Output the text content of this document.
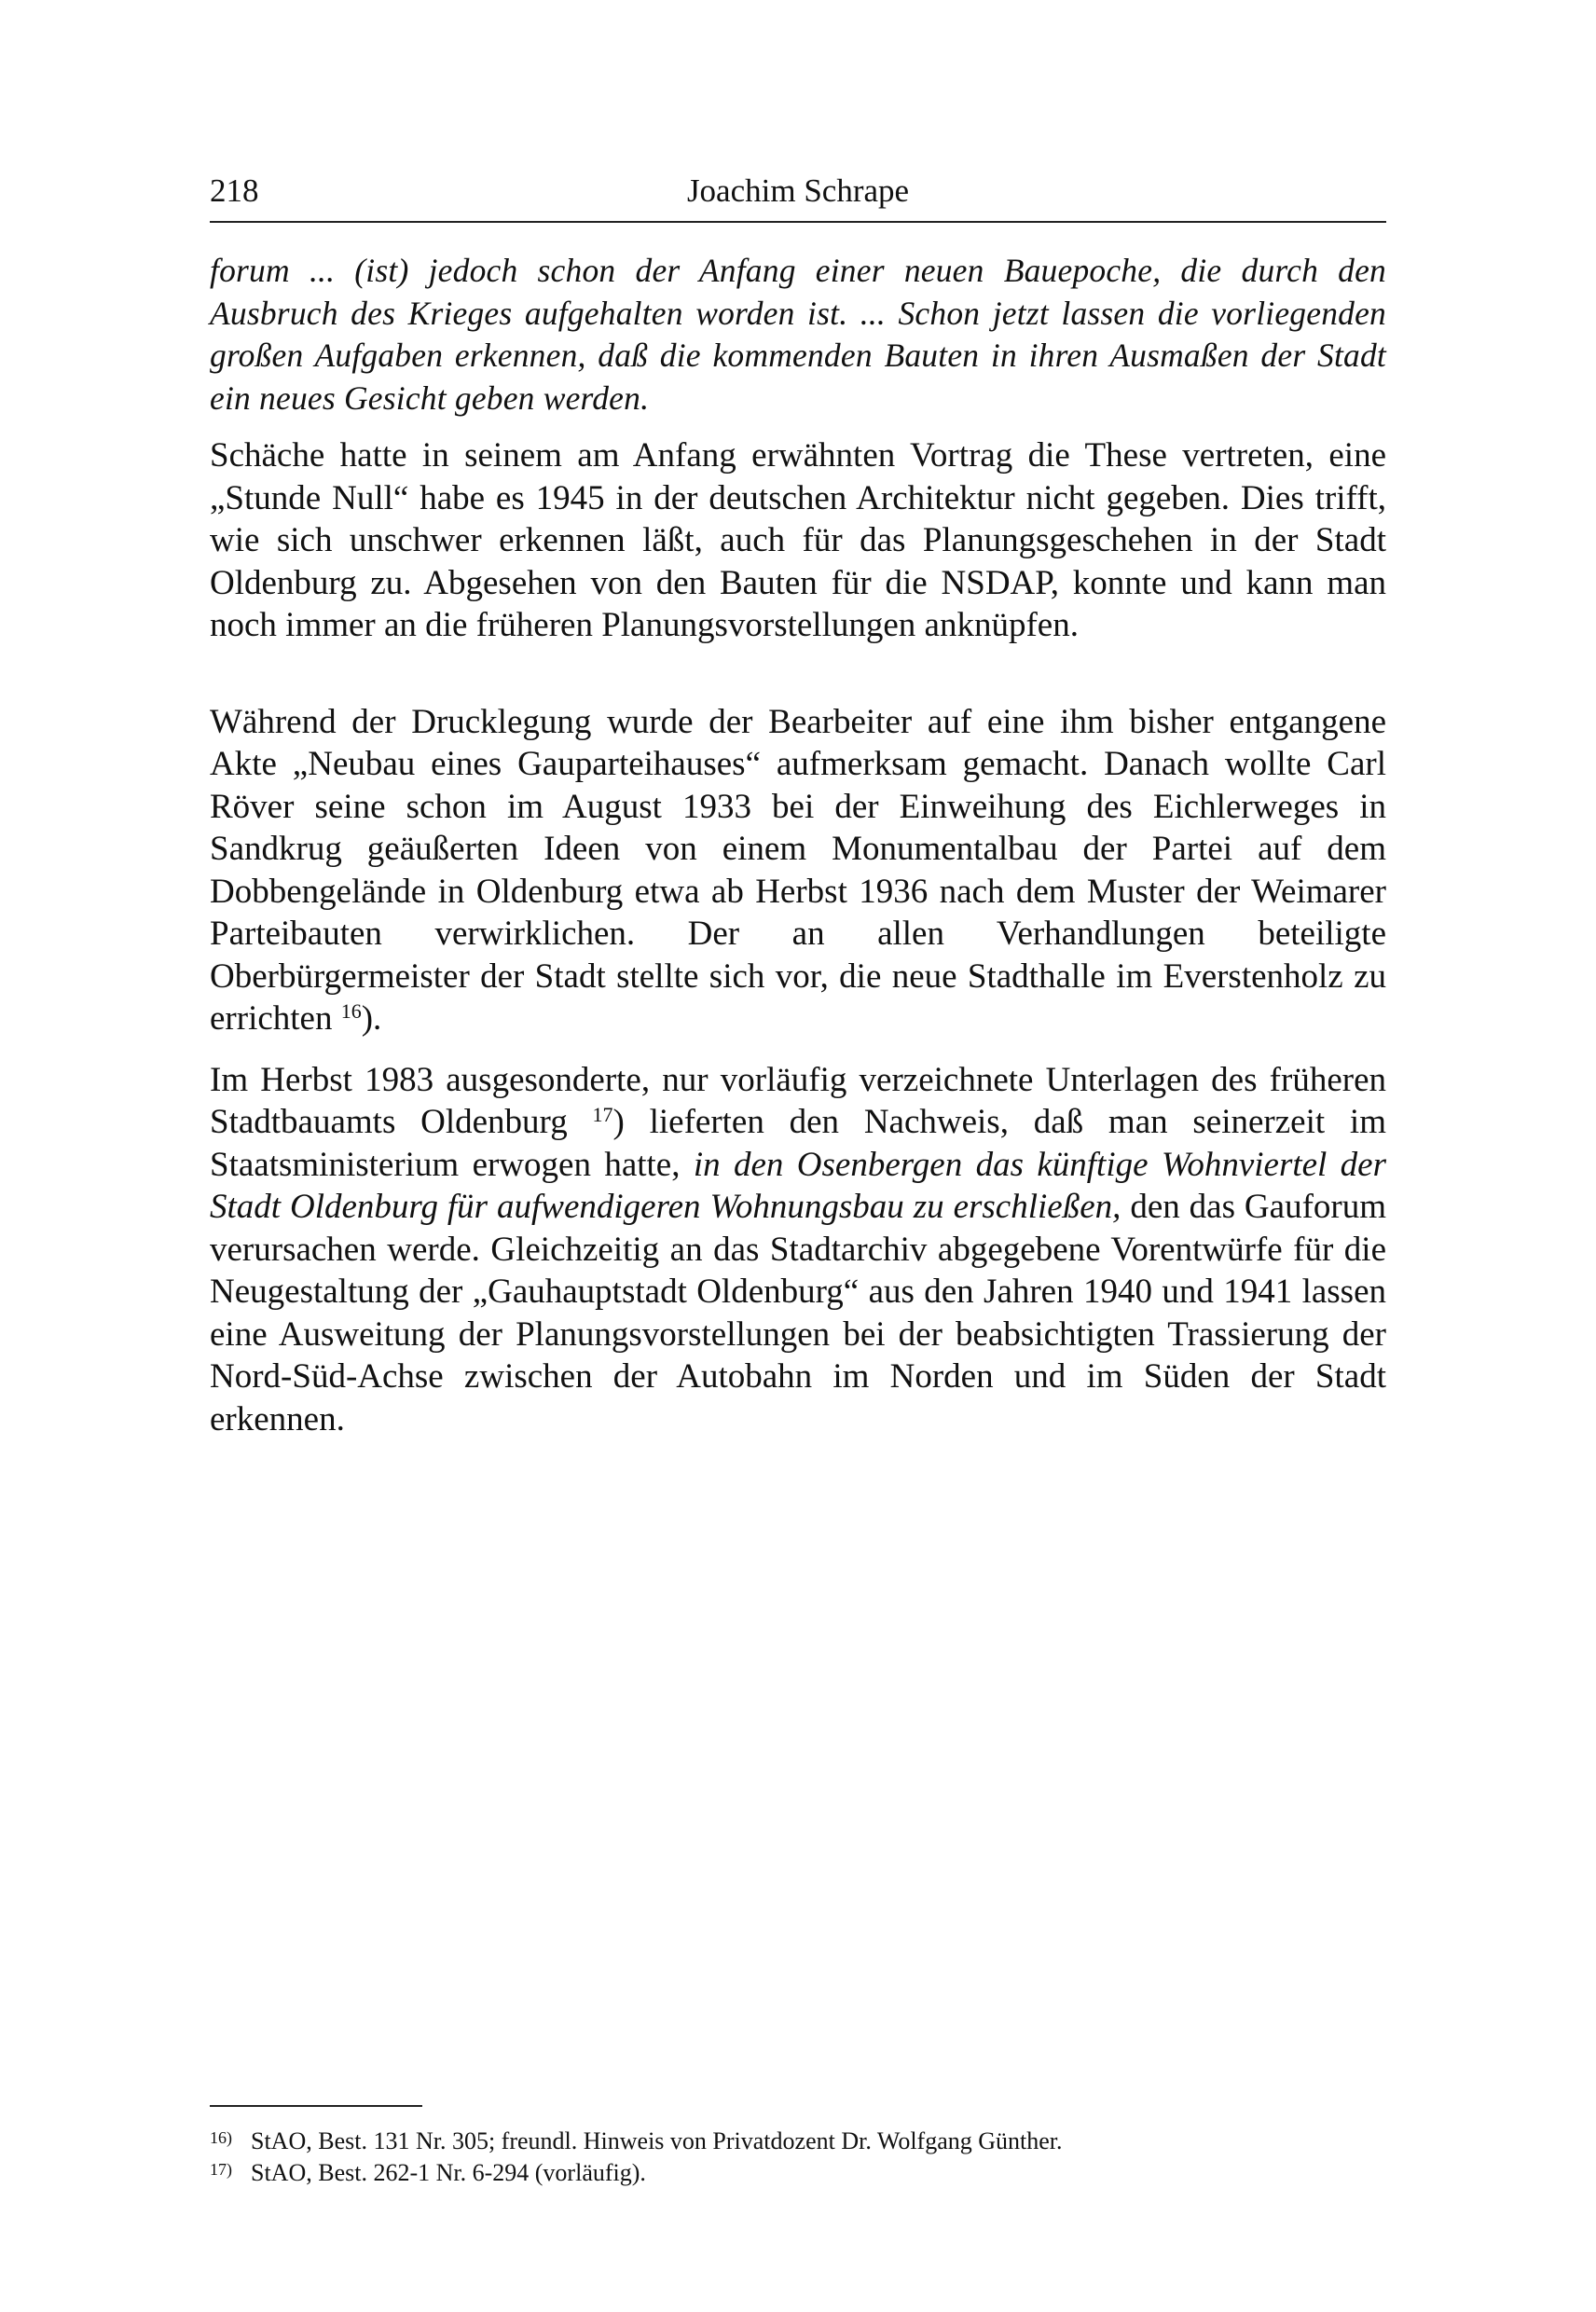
218	Joachim Schrape

forum ... (ist) jedoch schon der Anfang einer neuen Bauepoche, die durch den Ausbruch des Krieges aufgehalten worden ist. ... Schon jetzt lassen die vorliegenden großen Aufgaben erkennen, daß die kommenden Bauten in ihren Ausmaßen der Stadt ein neues Gesicht geben werden.

Schäche hatte in seinem am Anfang erwähnten Vortrag die These vertreten, eine „Stunde Null“ habe es 1945 in der deutschen Architektur nicht gegeben. Dies trifft, wie sich unschwer erkennen läßt, auch für das Planungsgeschehen in der Stadt Oldenburg zu. Abgesehen von den Bauten für die NSDAP, konnte und kann man noch immer an die früheren Planungsvorstellungen anknüpfen.

Während der Drucklegung wurde der Bearbeiter auf eine ihm bisher entgangene Akte „Neubau eines Gauparteihauses“ aufmerksam gemacht. Danach wollte Carl Röver seine schon im August 1933 bei der Einweihung des Eichlerweges in Sandkrug geäußerten Ideen von einem Monumentalbau der Partei auf dem Dobbengelände in Oldenburg etwa ab Herbst 1936 nach dem Muster der Weimarer Parteibauten verwirklichen. Der an allen Verhandlungen beteiligte Oberbürgermeister der Stadt stellte sich vor, die neue Stadthalle im Everstenholz zu errichten $^{16}$).

Im Herbst 1983 ausgesonderte, nur vorläufig verzeichnete Unterlagen des früheren Stadtbauamts Oldenburg $^{17}$) lieferten den Nachweis, daß man seinerzeit im Staatsministerium erwogen hatte, in den Osenbergen das künftige Wohnviertel der Stadt Oldenburg für aufwendigeren Wohnungsbau zu erschließen, den das Gauforum verursachen werde. Gleichzeitig an das Stadtarchiv abgegebene Vorentwürfe für die Neugestaltung der „Gauhauptstadt Oldenburg“ aus den Jahren 1940 und 1941 lassen eine Ausweitung der Planungsvorstellungen bei der beabsichtigten Trassierung der Nord-Süd-Achse zwischen der Autobahn im Norden und im Süden der Stadt erkennen.

16) StAO, Best. 131 Nr. 305; freundl. Hinweis von Privatdozent Dr. Wolfgang Günther.

17) StAO, Best. 262-1 Nr. 6-294 (vorläufig).
